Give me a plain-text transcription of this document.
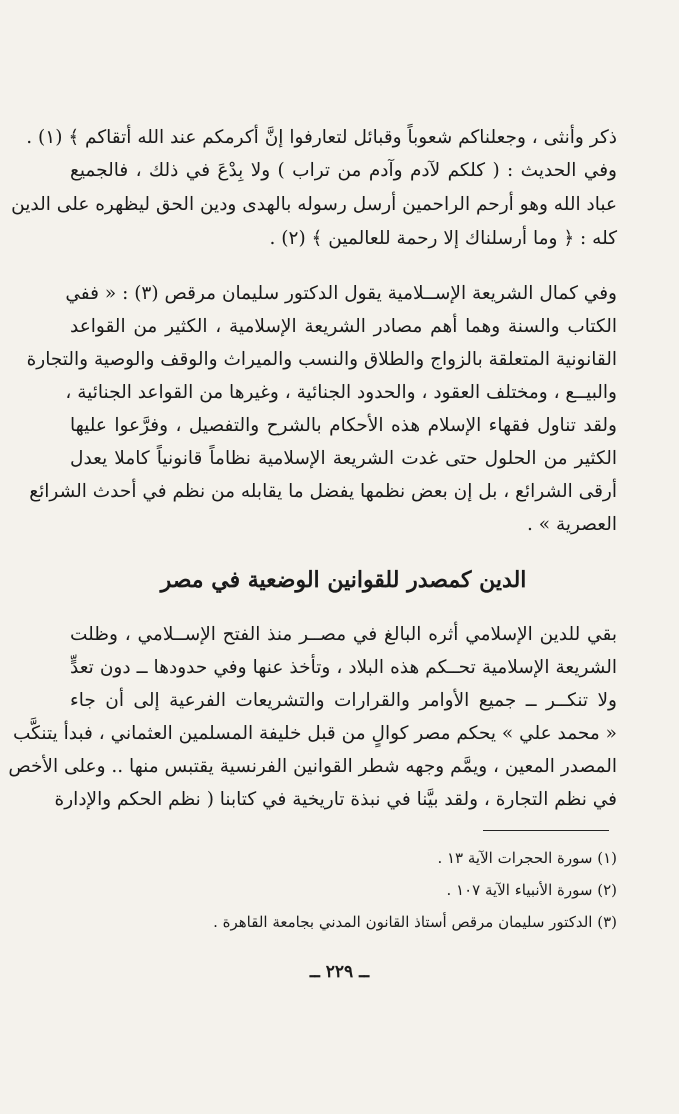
ذكر وأنثى ، وجعلناكم شعوباً وقبائل لتعارفوا إنَّ أكرمكم عند الله أتقاكم ﴾ (١) .
وفي الحديث : ( كلكم لآدم وآدم من تراب ) ولا بِدْعَ في ذلك ، فالجميع
عباد الله وهو أرحم الراحمين أرسل رسوله بالهدى ودين الحق ليظهره على الدين
كله : ﴿ وما أرسلناك إلا رحمة للعالمين ﴾ (٢) .
وفي كمال الشريعة الإســلامية يقول الدكتور سليمان مرقص (٣) : « ففي
الكتاب والسنة وهما أهم مصادر الشريعة الإسلامية ، الكثير من القواعد
القانونية المتعلقة بالزواج والطلاق والنسب والميراث والوقف والوصية والتجارة
والبيــع ، ومختلف العقود ، والحدود الجنائية ، وغيرها من القواعد الجنائية ،
ولقد تناول فقهاء الإسلام هذه الأحكام بالشرح والتفصيل ، وفرَّعوا عليها
الكثير من الحلول حتى غدت الشريعة الإسلامية نظاماً قانونياً كاملا يعدل
أرقى الشرائع ، بل إن بعض نظمها يفضل ما يقابله من نظم في أحدث الشرائع
العصرية » .
الدين كمصدر للقوانين الوضعية في مصر
بقي للدين الإسلامي أثره البالغ في مصــر منذ الفتح الإســلامي ، وظلت
الشريعة الإسلامية تحــكم هذه البلاد ، وتأخذ عنها وفي حدودها ــ دون تعدٍّ
ولا تنكــر ــ جميع الأوامر والقرارات والتشريعات الفرعية إلى أن جاء
« محمد علي » يحكم مصر كوالٍ من قبل خليفة المسلمين العثماني ، فبدأ يتنكَّب
المصدر المعين ، ويمَّم وجهه شطر القوانين الفرنسية يقتبس منها .. وعلى الأخص
في نظم التجارة ، ولقد بيَّنا في نبذة تاريخية في كتابنا ( نظم الحكم والإدارة
(١) سورة الحجرات الآية ١٣ .
(٢) سورة الأنبياء الآية ١٠٧ .
(٣) الدكتور سليمان مرقص أستاذ القانون المدني بجامعة القاهرة .
ــ ٢٢٩ ــ
